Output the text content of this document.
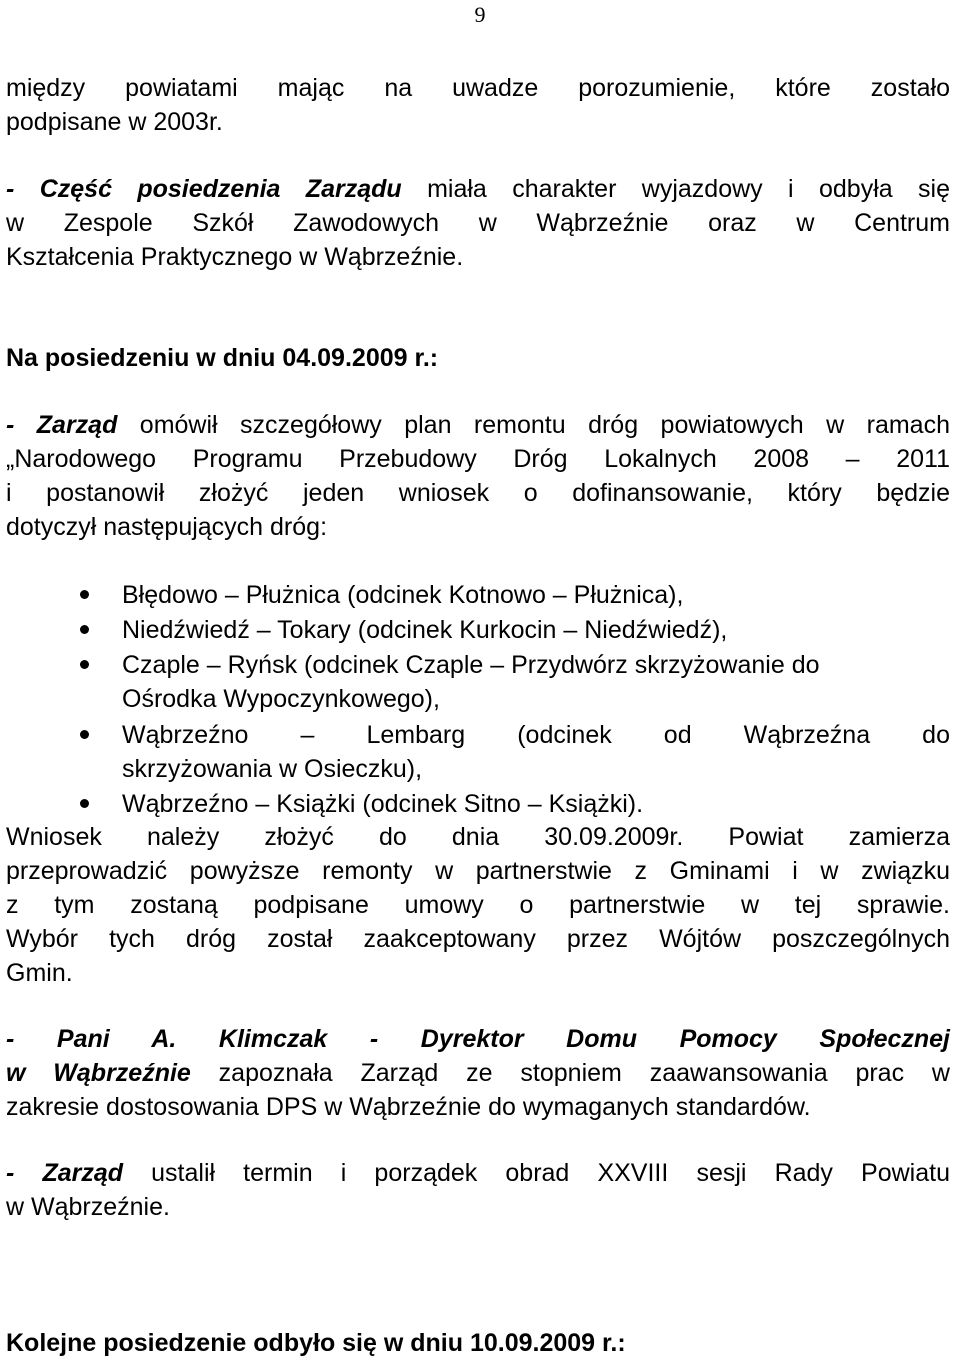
9
między powiatami mając na uwadze porozumienie, które zostało
podpisane w 2003r.
- Część posiedzenia Zarządu miała charakter wyjazdowy i odbyła się
w Zespole Szkół Zawodowych w Wąbrzeźnie oraz w Centrum
Kształcenia Praktycznego w Wąbrzeźnie.
Na posiedzeniu w dniu 04.09.2009 r.:
- Zarząd omówił szczegółowy plan remontu dróg powiatowych w ramach
„Narodowego Programu Przebudowy Dróg Lokalnych 2008 – 2011
i postanowił złożyć jeden wniosek o dofinansowanie, który będzie
dotyczył następujących dróg:
Błędowo – Płużnica (odcinek Kotnowo – Płużnica),
Niedźwiedź – Tokary (odcinek Kurkocin – Niedźwiedź),
Czaple – Ryńsk (odcinek Czaple – Przydwórz skrzyżowanie do
Ośrodka Wypoczynkowego),
Wąbrzeźno – Lembarg (odcinek od Wąbrzeźna do
skrzyżowania w Osieczku),
Wąbrzeźno – Książki (odcinek Sitno – Książki).
Wniosek należy złożyć do dnia 30.09.2009r. Powiat zamierza
przeprowadzić powyższe remonty w partnerstwie z Gminami i w związku
z tym zostaną podpisane umowy o partnerstwie w tej sprawie.
Wybór tych dróg został zaakceptowany przez Wójtów poszczególnych
Gmin.
- Pani A. Klimczak - Dyrektor Domu Pomocy Społecznej
w Wąbrzeźnie zapoznała Zarząd ze stopniem zaawansowania prac w
zakresie dostosowania DPS w Wąbrzeźnie do wymaganych standardów.
- Zarząd ustalił termin i porządek obrad XXVIII sesji Rady Powiatu
w Wąbrzeźnie.
Kolejne posiedzenie odbyło się w dniu 10.09.2009 r.:
